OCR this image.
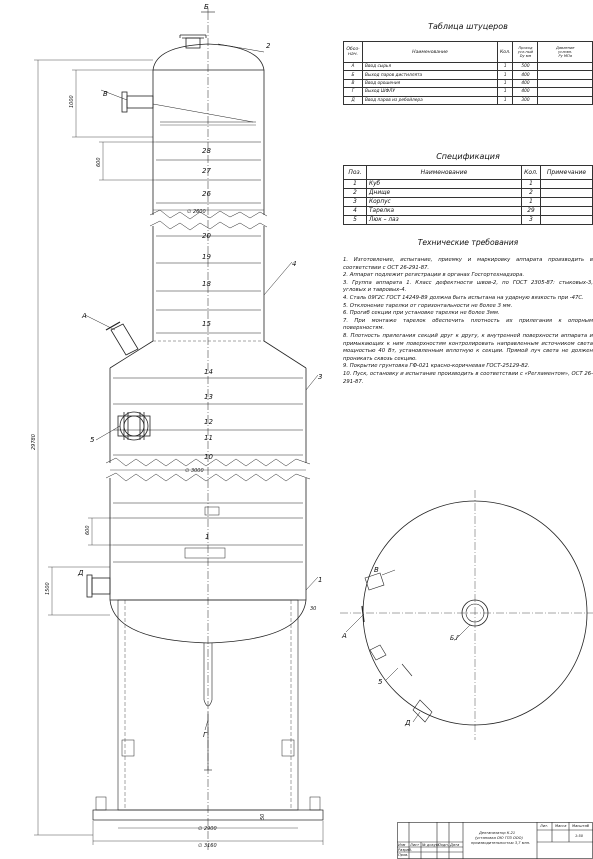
Б
2
4
3
1
5
В
А
Д
Г
28
27
26
20
19
18
15
14
13
12
11
10
1
∅ 2600
∅ 3000
∅ 2900
∅ 3160
29780
1000
600
600
1500
30
50
В
А
5
Д
Б,Г
Таблица штуцеров
Обоз-
нач.	Наименование	Кол.	Проход
усл.ный
Dу мм	Давление
условн.
Ру МПа
А	Ввод сырья	1	500	
Б	Выход паров дистиллята	1	400	
В	Ввод орошения	1	400	
Г	Выход ШФЛУ	1	400	
Д	Ввод паров из ребойлера	1	300	
Спецификация
Поз.	Наименование	Кол.	Примечание
1	Куб	1	
2	Днище	2	
3	Корпус	1	
4	Тарелка	29	
5	Люк – лаз	3	
Технические требования
1. Изготовление, испытание, приемку и маркировку аппарата производить в соответствии с ОСТ 26-291-87.
2. Аппарат подлежит регистрации в органах Госгортехнадзора.
3. Группа аппарата 1. Класс дефектности швов-2, по ГОСТ 2305-87: стыковых-3, угловых и тавровых-4.
4. Сталь 09Г2С ГОСТ 14249-89 должна быть испытана на ударную вязкость при -47С.
5. Отклонение тарелки от горизонтальности не более 3 мм.
6. Прогиб секции при установке тарелки не более 3мм.
7. При монтаже тарелок обеспечить плотность их прилегания к опорным поверхностям.
8. Плотность прилегания секций друг к другу, к внутренней поверхности аппарата и примыкающих к ним поверхностям контролировать направленным источником света мощностью 40 Вт, установленным вплотную к секции. Прямой луч света не должен проникать сквозь секцию.
9. Покрытие грунтовка ГФ-021 красно-коричневая ГОСТ-25129-82.
10. Пуск, остановку и испытание производить в соответствии с «Регламентом», ОСТ 26-291-87.
Деэтанизатор К-21
(установка ОЮ ГПЗ ООО)
производительностью 3,7 млн.
Лит. Масса Масштаб
1:50
Изм Лист № докум.
Подп. Дата
Разраб.
Пров.
